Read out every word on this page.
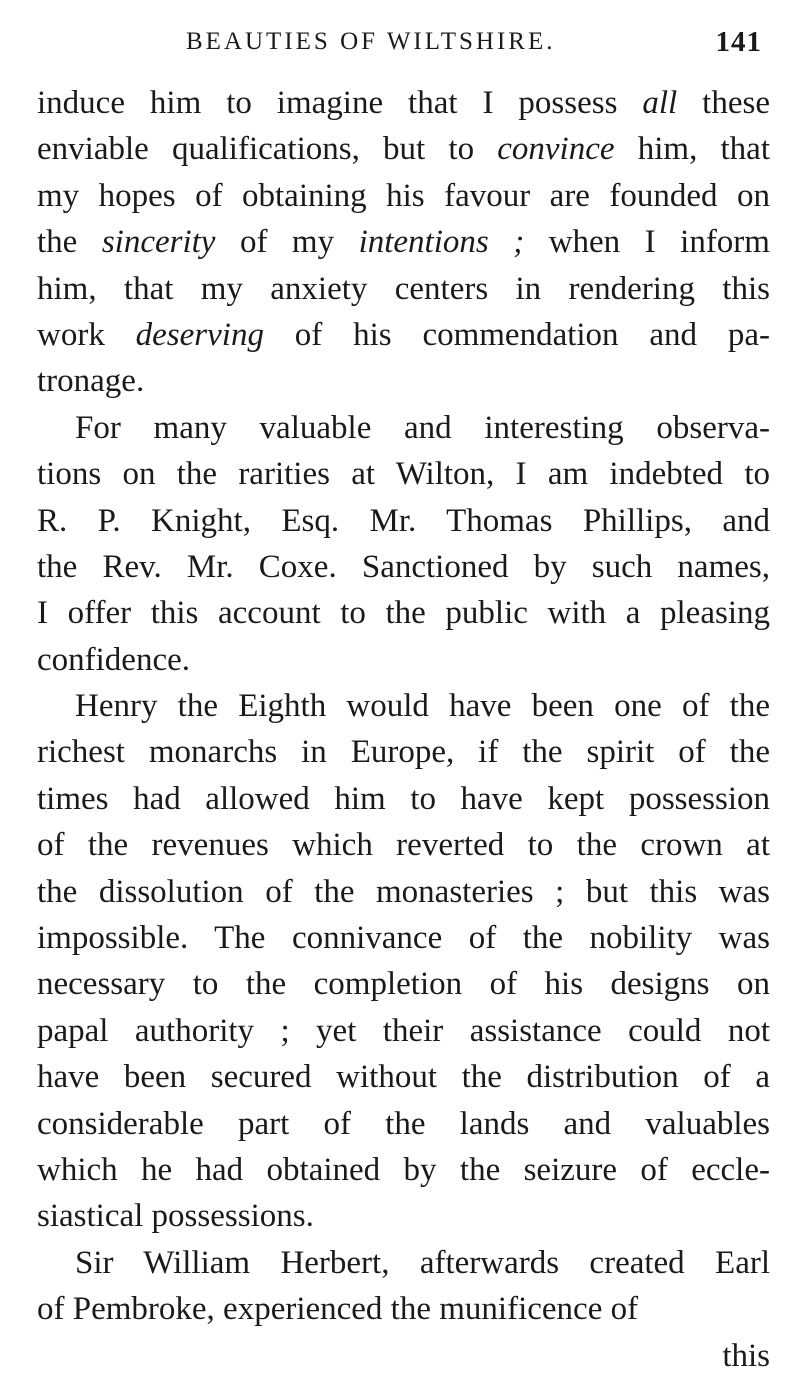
BEAUTIES OF WILTSHIRE.	141
induce him to imagine that I possess all these
enviable qualifications, but to convince him, that
my hopes of obtaining his favour are founded on
the sincerity of my intentions ; when I inform
him, that my anxiety centers in rendering this
work deserving of his commendation and pa-
tronage.
For many valuable and interesting observa-
tions on the rarities at Wilton, I am indebted to
R. P. Knight, Esq. Mr. Thomas Phillips, and
the Rev. Mr. Coxe. Sanctioned by such names,
I offer this account to the public with a pleasing
confidence.
Henry the Eighth would have been one of the
richest monarchs in Europe, if the spirit of the
times had allowed him to have kept possession
of the revenues which reverted to the crown at
the dissolution of the monasteries ; but this was
impossible. The connivance of the nobility was
necessary to the completion of his designs on
papal authority ; yet their assistance could not
have been secured without the distribution of a
considerable part of the lands and valuables
which he had obtained by the seizure of eccle-
siastical possessions.
Sir William Herbert, afterwards created Earl
of Pembroke, experienced the munificence of
this
